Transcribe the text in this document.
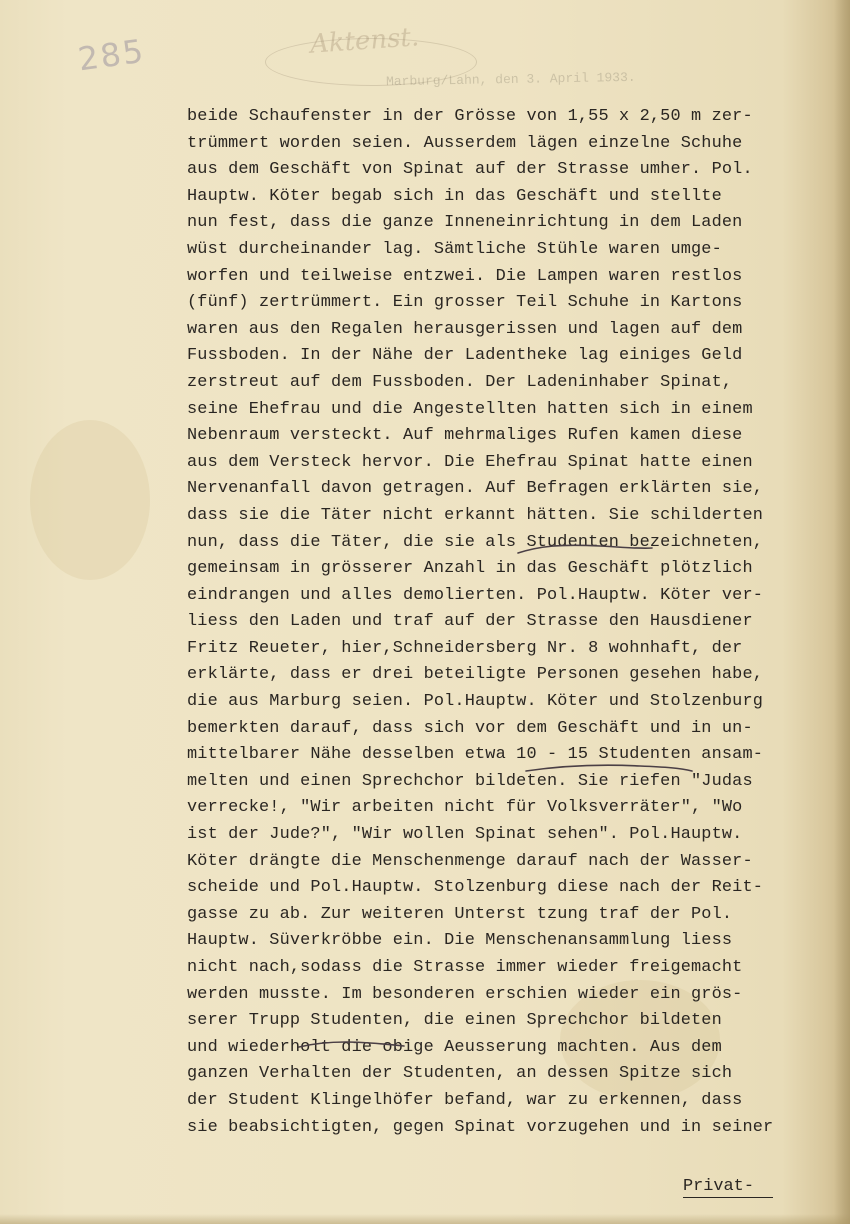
285	Aktenst.
Marburg/Lahn, den 3. April 1933.
beide Schaufenster in der Grösse von 1,55 x 2,50 m zer-
trümmert worden seien. Ausserdem lägen einzelne Schuhe
aus dem Geschäft von Spinat auf der Strasse umher. Pol.
Hauptw. Köter begab sich in das Geschäft und stellte
nun fest, dass die ganze Inneneinrichtung in dem Laden
wüst durcheinander lag. Sämtliche Stühle waren umge-
worfen und teilweise entzwei. Die Lampen waren restlos
(fünf) zertrümmert. Ein grosser Teil Schuhe in Kartons
waren aus den Regalen herausgerissen und lagen auf dem
Fussboden. In der Nähe der Ladentheke lag einiges Geld
zerstreut auf dem Fussboden. Der Ladeninhaber Spinat,
seine Ehefrau und die Angestellten hatten sich in einem
Nebenraum versteckt. Auf mehrmaliges Rufen kamen diese
aus dem Versteck hervor. Die Ehefrau Spinat hatte einen
Nervenanfall davon getragen. Auf Befragen erklärten sie,
dass sie die Täter nicht erkannt hätten. Sie schilderten
nun, dass die Täter, die sie als Studenten bezeichneten,
gemeinsam in grösserer Anzahl in das Geschäft plötzlich
eindrangen und alles demolierten. Pol.Hauptw. Köter ver-
liess den Laden und traf auf der Strasse den Hausdiener
Fritz Reueter, hier,Schneidersberg Nr. 8 wohnhaft, der
erklärte, dass er drei beteiligte Personen gesehen habe,
die aus Marburg seien. Pol.Hauptw. Köter und Stolzenburg
bemerkten darauf, dass sich vor dem Geschäft und in un-
mittelbarer Nähe desselben etwa 10 - 15 Studenten ansam-
melten und einen Sprechchor bildeten. Sie riefen "Judas
verrecke!, "Wir arbeiten nicht für Volksverräter", "Wo
ist der Jude?", "Wir wollen Spinat sehen". Pol.Hauptw.
Köter drängte die Menschenmenge darauf nach der Wasser-
scheide und Pol.Hauptw. Stolzenburg diese nach der Reit-
gasse zu ab. Zur weiteren Unterst tzung traf der Pol.
Hauptw. Süverkröbbe ein. Die Menschenansammlung liess
nicht nach,sodass die Strasse immer wieder freigemacht
werden musste. Im besonderen erschien wieder ein grös-
serer Trupp Studenten, die einen Sprechchor bildeten
und wiederholt die obige Aeusserung machten. Aus dem
ganzen Verhalten der Studenten, an dessen Spitze sich
der Student Klingelhöfer befand, war zu erkennen, dass
sie beabsichtigten, gegen Spinat vorzugehen und in seiner
Privat-
